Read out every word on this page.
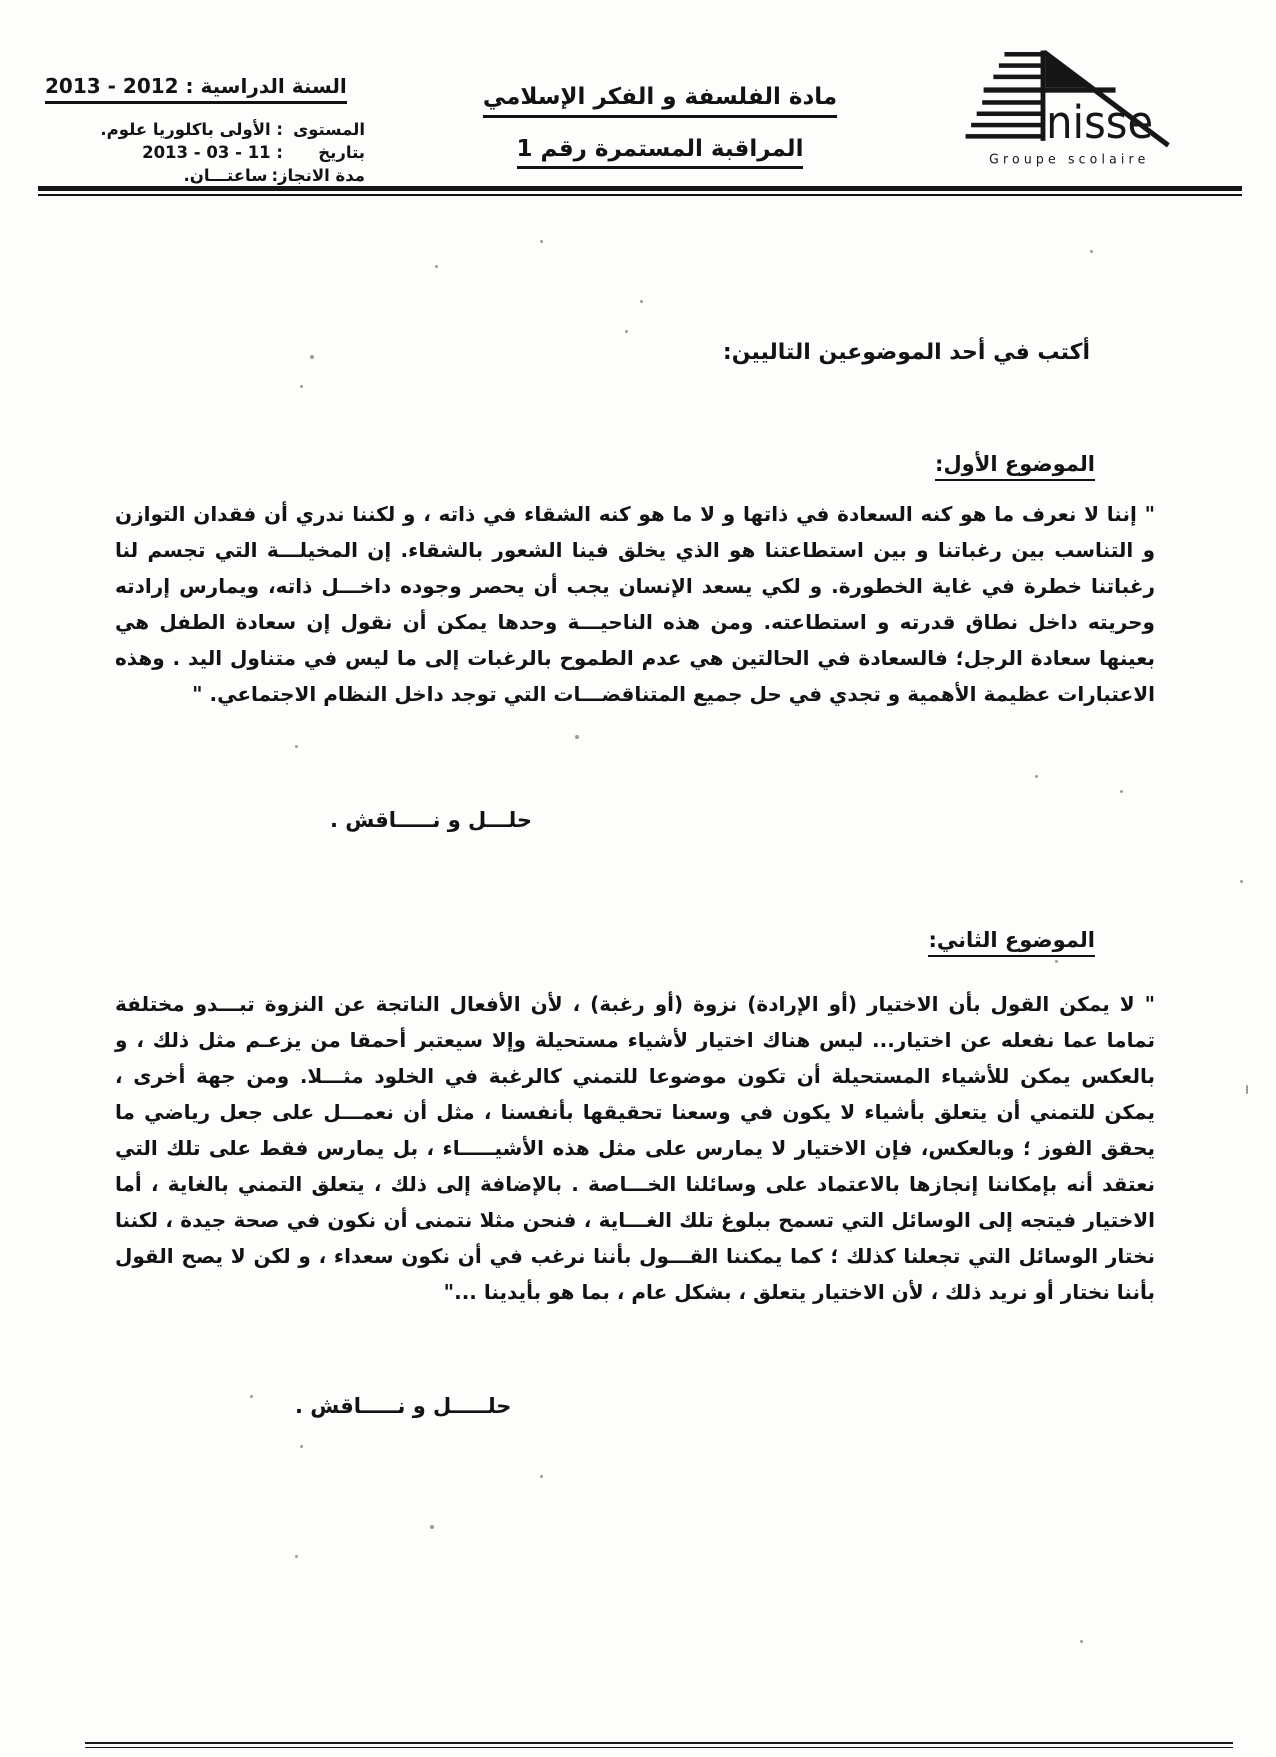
السنة الدراسية : 2012 - 2013
المستوى
: الأولى باكلوريا علوم.
بتاريخ
: 11 - 03 - 2013
مدة الانجاز:
ساعتـــان.
مادة الفلسفة و الفكر الإسلامي
المراقبة المستمرة رقم 1	nisse
Groupe scolaire
أكتب في أحد الموضوعين التاليين:
الموضوع الأول:
" إننا لا نعرف ما هو كنه السعادة في ذاتها و لا ما هو كنه الشقاء في ذاته ، و لكننا ندري أن فقدان التوازن و التناسب بين رغباتنا و بين استطاعتنا هو الذي يخلق فينا الشعور بالشقاء. إن المخيلـــة التي تجسم لنا رغباتنا خطرة في غاية الخطورة. و لكي يسعد الإنسان يجب أن يحصر وجوده داخـــل ذاته، ويمارس إرادته وحريته داخل نطاق قدرته و استطاعته. ومن هذه الناحيـــة وحدها يمكن أن نقول إن سعادة الطفل هي بعينها سعادة الرجل؛ فالسعادة في الحالتين هي عدم الطموح بالرغبات إلى ما ليس في متناول اليد . وهذه الاعتبارات عظيمة الأهمية و تجدي في حل جميع المتناقضـــات التي توجد داخل النظام الاجتماعي. "
حلـــل و نـــــاقش .
الموضوع الثاني:
" لا يمكن القول بأن الاختيار (أو الإرادة) نزوة (أو رغبة) ، لأن الأفعال الناتجة عن النزوة تبـــدو مختلفة تماما عما نفعله عن اختيار... ليس هناك اختيار لأشياء مستحيلة وإلا سيعتبر أحمقا من يزعـم مثل ذلك ، و بالعكس يمكن للأشياء المستحيلة أن تكون موضوعا للتمني كالرغبة في الخلود مثـــلا. ومن جهة أخرى ، يمكن للتمني أن يتعلق بأشياء لا يكون في وسعنا تحقيقها بأنفسنا ، مثل أن نعمـــل على جعل رياضي ما يحقق الفوز ؛ وبالعكس، فإن الاختيار لا يمارس على مثل هذه الأشيـــــاء ، بل يمارس فقط على تلك التي نعتقد أنه بإمكاننا إنجازها بالاعتماد على وسائلنا الخـــاصة . بالإضافة إلى ذلك ، يتعلق التمني بالغاية ، أما الاختيار فيتجه إلى الوسائل التي تسمح ببلوغ تلك الغـــاية ، فنحن مثلا نتمنى أن نكون في صحة جيدة ، لكننا نختار الوسائل التي تجعلنا كذلك ؛ كما يمكننا القـــول بأننا نرغب في أن نكون سعداء ، و لكن لا يصح القول بأننا نختار أو نريد ذلك ، لأن الاختيار يتعلق ، بشكل عام ، بما هو بأيدينا ..."
حلـــــل و نـــــاقش .
